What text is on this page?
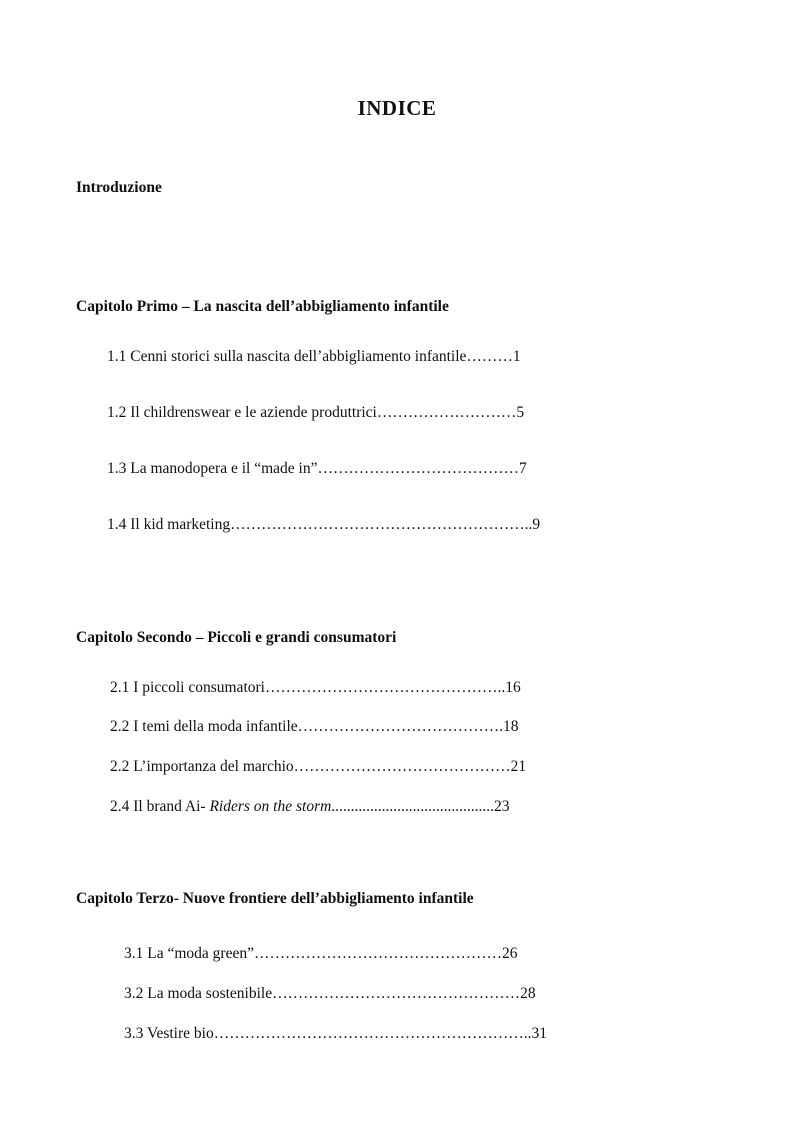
INDICE
Introduzione
Capitolo Primo – La nascita dell’abbigliamento infantile
1.1 Cenni storici sulla nascita dell’abbigliamento infantile………1
1.2 Il childrenswear e le aziende produttrici………………………5
1.3 La manodopera e il “made in”…………………………………7
1.4 Il kid marketing…………………………………………………..9
Capitolo Secondo – Piccoli e grandi consumatori
2.1 I piccoli consumatori………………………………………..16
2.2 I temi della moda infantile………………………………….18
2.2 L’importanza del marchio……………………………………21
2.4 Il brand Ai- Riders on the storm..........................................23
Capitolo Terzo- Nuove frontiere dell’abbigliamento infantile
3.1 La “moda green”…………………………………………26
3.2 La moda sostenibile…………………………………………28
3.3 Vestire bio……………………………………………………..31
